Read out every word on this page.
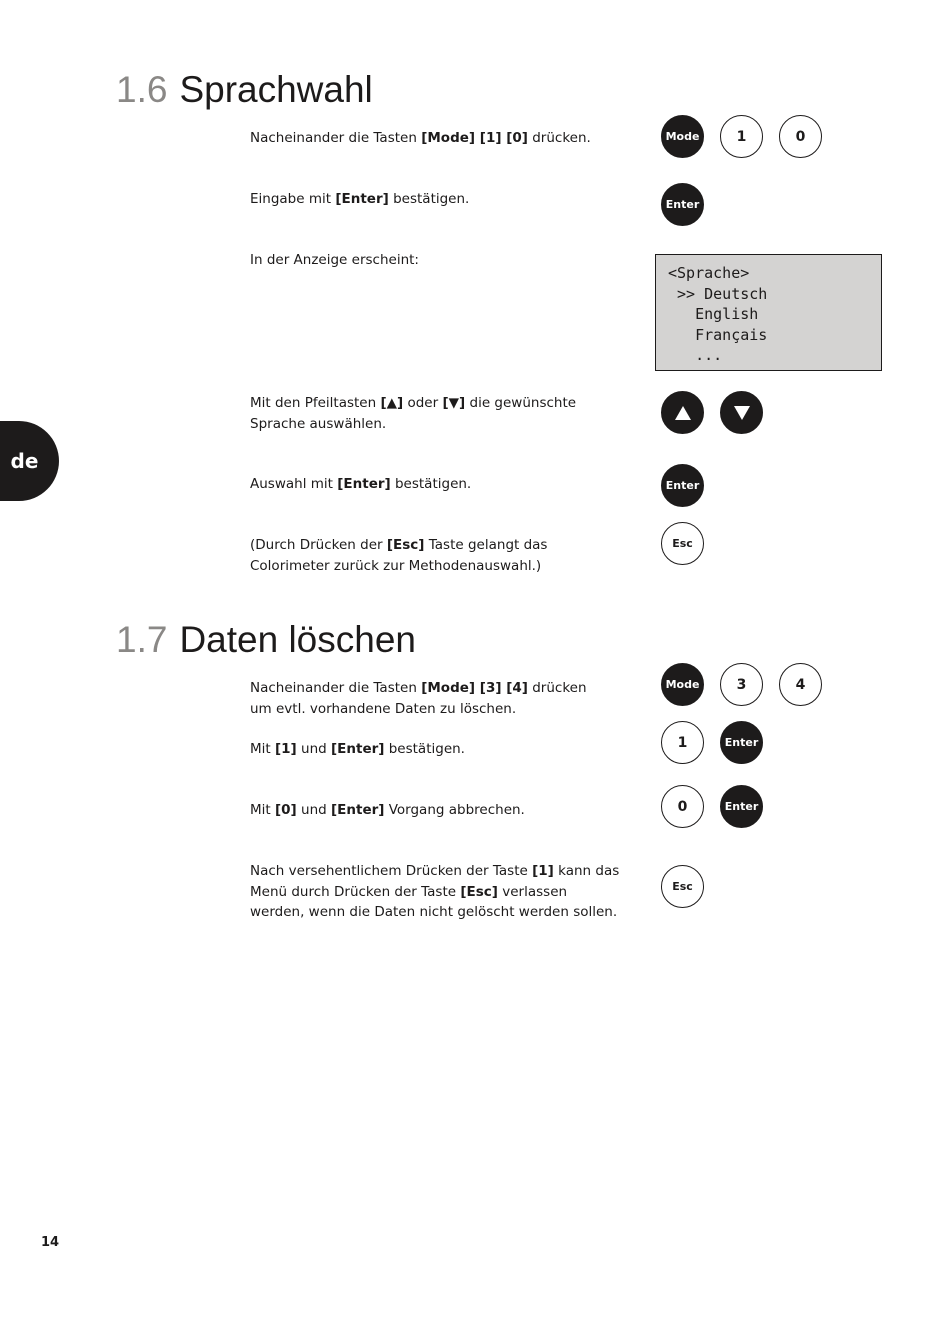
de
1.6 Sprachwahl
Nacheinander die Tasten [Mode] [1] [0] drücken.
Eingabe mit [Enter] bestätigen.
In der Anzeige erscheint:
Mit den Pfeiltasten [▲] oder [▼] die gewünschte Sprache auswählen.
Auswahl mit [Enter] bestätigen.
(Durch Drücken der [Esc] Taste gelangt das Colorimeter zurück zur Methodenauswahl.)
Mode	1	0
Enter
<Sprache>
>> Deutsch
English
Français
...
Enter
Esc
1.7 Daten löschen
Nacheinander die Tasten [Mode] [3] [4] drücken
um evtl. vorhandene Daten zu löschen.
Mit [1] und [Enter] bestätigen.
Mit [0] und [Enter] Vorgang abbrechen.
Nach versehentlichem Drücken der Taste [1] kann das Menü durch Drücken der Taste [Esc] verlassen werden, wenn die Daten nicht gelöscht werden sollen.
Mode	3	4
1	Enter
0	Enter
Esc
14
